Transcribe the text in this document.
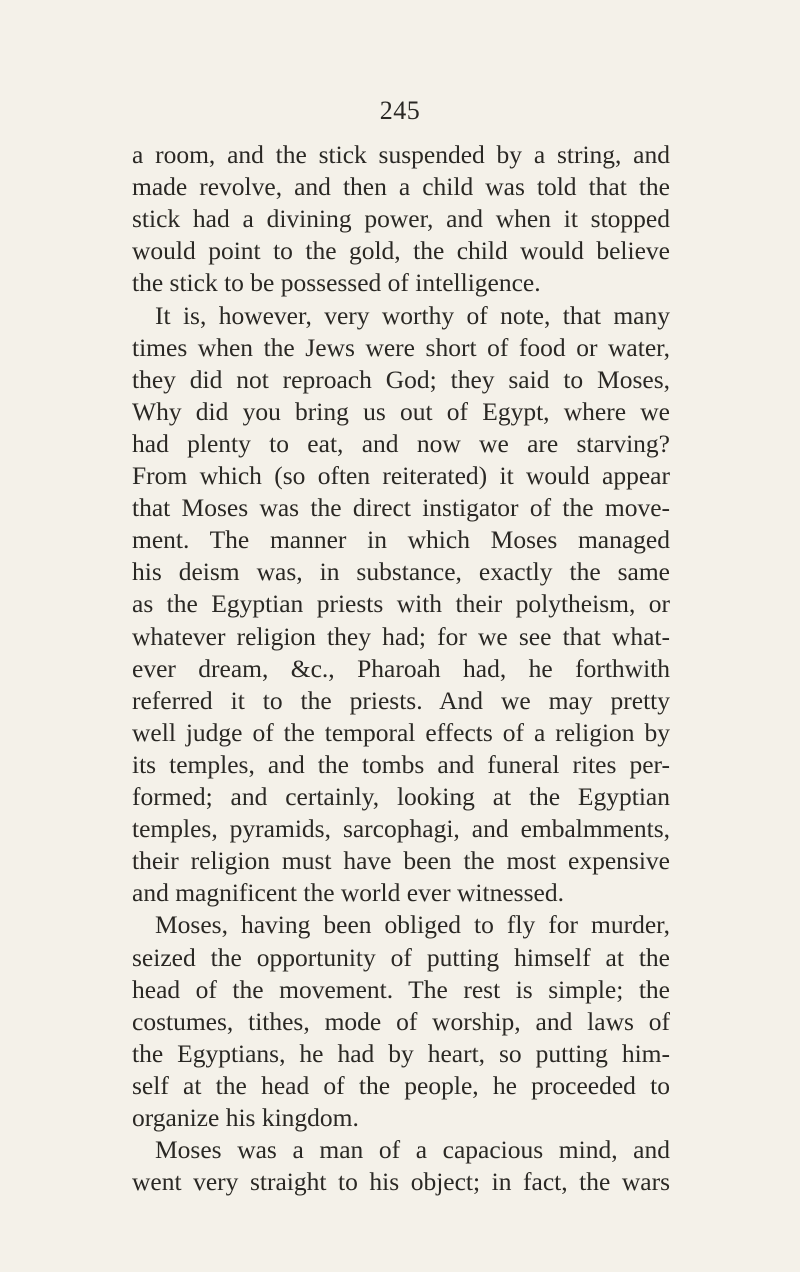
245
a room, and the stick suspended by a string, and
made revolve, and then a child was told that the
stick had a divining power, and when it stopped
would point to the gold, the child would believe
the stick to be possessed of intelligence.
It is, however, very worthy of note, that many
times when the Jews were short of food or water,
they did not reproach God; they said to Moses,
Why did you bring us out of Egypt, where we
had plenty to eat, and now we are starving?
From which (so often reiterated) it would appear
that Moses was the direct instigator of the move-
ment. The manner in which Moses managed
his deism was, in substance, exactly the same
as the Egyptian priests with their polytheism, or
whatever religion they had; for we see that what-
ever dream, &c., Pharoah had, he forthwith
referred it to the priests. And we may pretty
well judge of the temporal effects of a religion by
its temples, and the tombs and funeral rites per-
formed; and certainly, looking at the Egyptian
temples, pyramids, sarcophagi, and embalmments,
their religion must have been the most expensive
and magnificent the world ever witnessed.
Moses, having been obliged to fly for murder,
seized the opportunity of putting himself at the
head of the movement. The rest is simple; the
costumes, tithes, mode of worship, and laws of
the Egyptians, he had by heart, so putting him-
self at the head of the people, he proceeded to
organize his kingdom.
Moses was a man of a capacious mind, and
went very straight to his object; in fact, the wars
